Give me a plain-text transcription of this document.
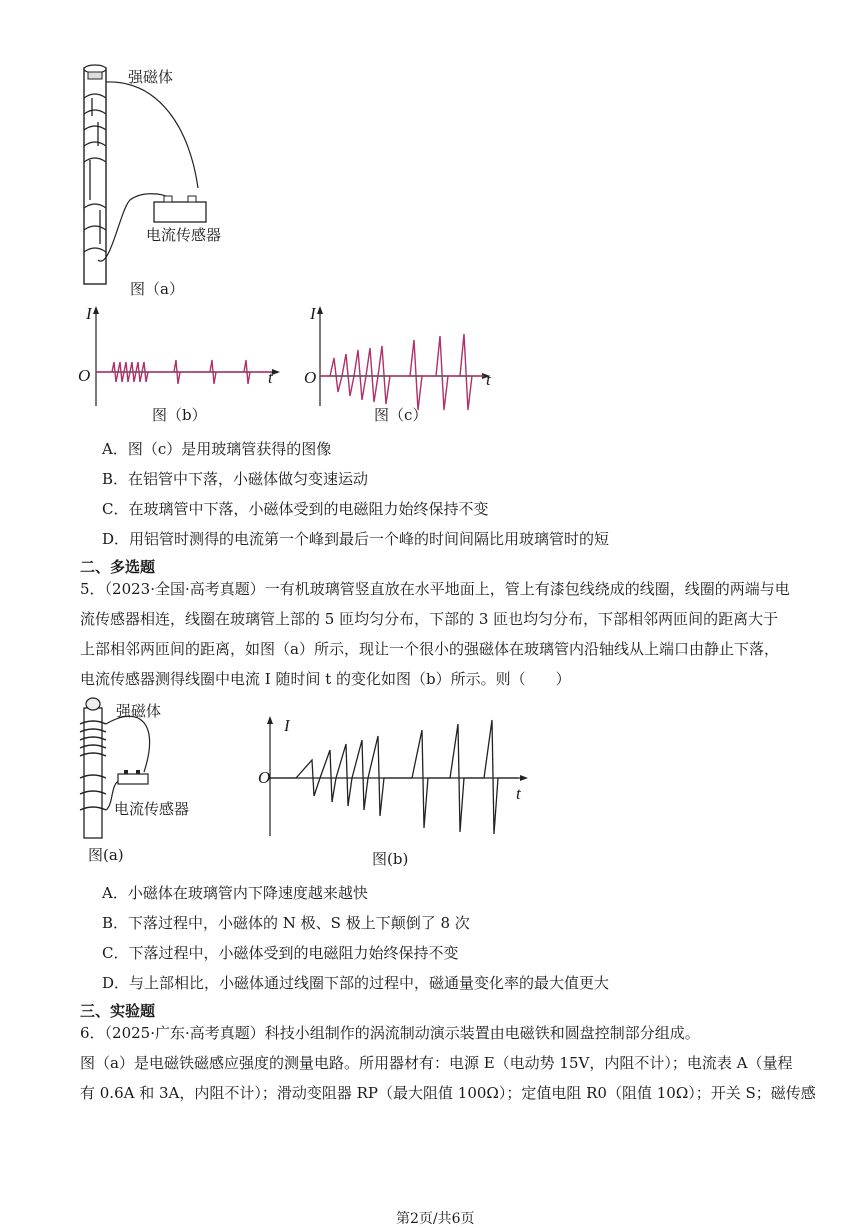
强磁体
电流传感器
图（a）
I
O	t
图（b）
I
O	t
图（c）
A．图（c）是用玻璃管获得的图像
B．在铝管中下落，小磁体做匀变速运动
C．在玻璃管中下落，小磁体受到的电磁阻力始终保持不变
D．用铝管时测得的电流第一个峰到最后一个峰的时间间隔比用玻璃管时的短
二、多选题
5．（2023·全国·高考真题）一有机玻璃管竖直放在水平地面上，管上有漆包线绕成的线圈，线圈的两端与电
流传感器相连，线圈在玻璃管上部的 5 匝均匀分布，下部的 3 匝也均匀分布，下部相邻两匝间的距离大于
上部相邻两匝间的距离，如图（a）所示，现让一个很小的强磁体在玻璃管内沿轴线从上端口由静止下落，
电流传感器测得线圈中电流 I 随时间 t 的变化如图（b）所示。则（　　）
强磁体
电流传感器
图(a)
I
O
t
图(b)
A．小磁体在玻璃管内下降速度越来越快
B．下落过程中，小磁体的 N 极、S 极上下颠倒了 8 次
C．下落过程中，小磁体受到的电磁阻力始终保持不变
D．与上部相比，小磁体通过线圈下部的过程中，磁通量变化率的最大值更大
三、实验题
6．（2025·广东·高考真题）科技小组制作的涡流制动演示装置由电磁铁和圆盘控制部分组成。
图（a）是电磁铁磁感应强度的测量电路。所用器材有：电源 E（电动势 15V，内阻不计）；电流表 A（量程
有 0.6A 和 3A，内阻不计）；滑动变阻器 RP（最大阻值 100Ω）；定值电阻 R0（阻值 10Ω）；开关 S；磁传感
第2页/共6页
